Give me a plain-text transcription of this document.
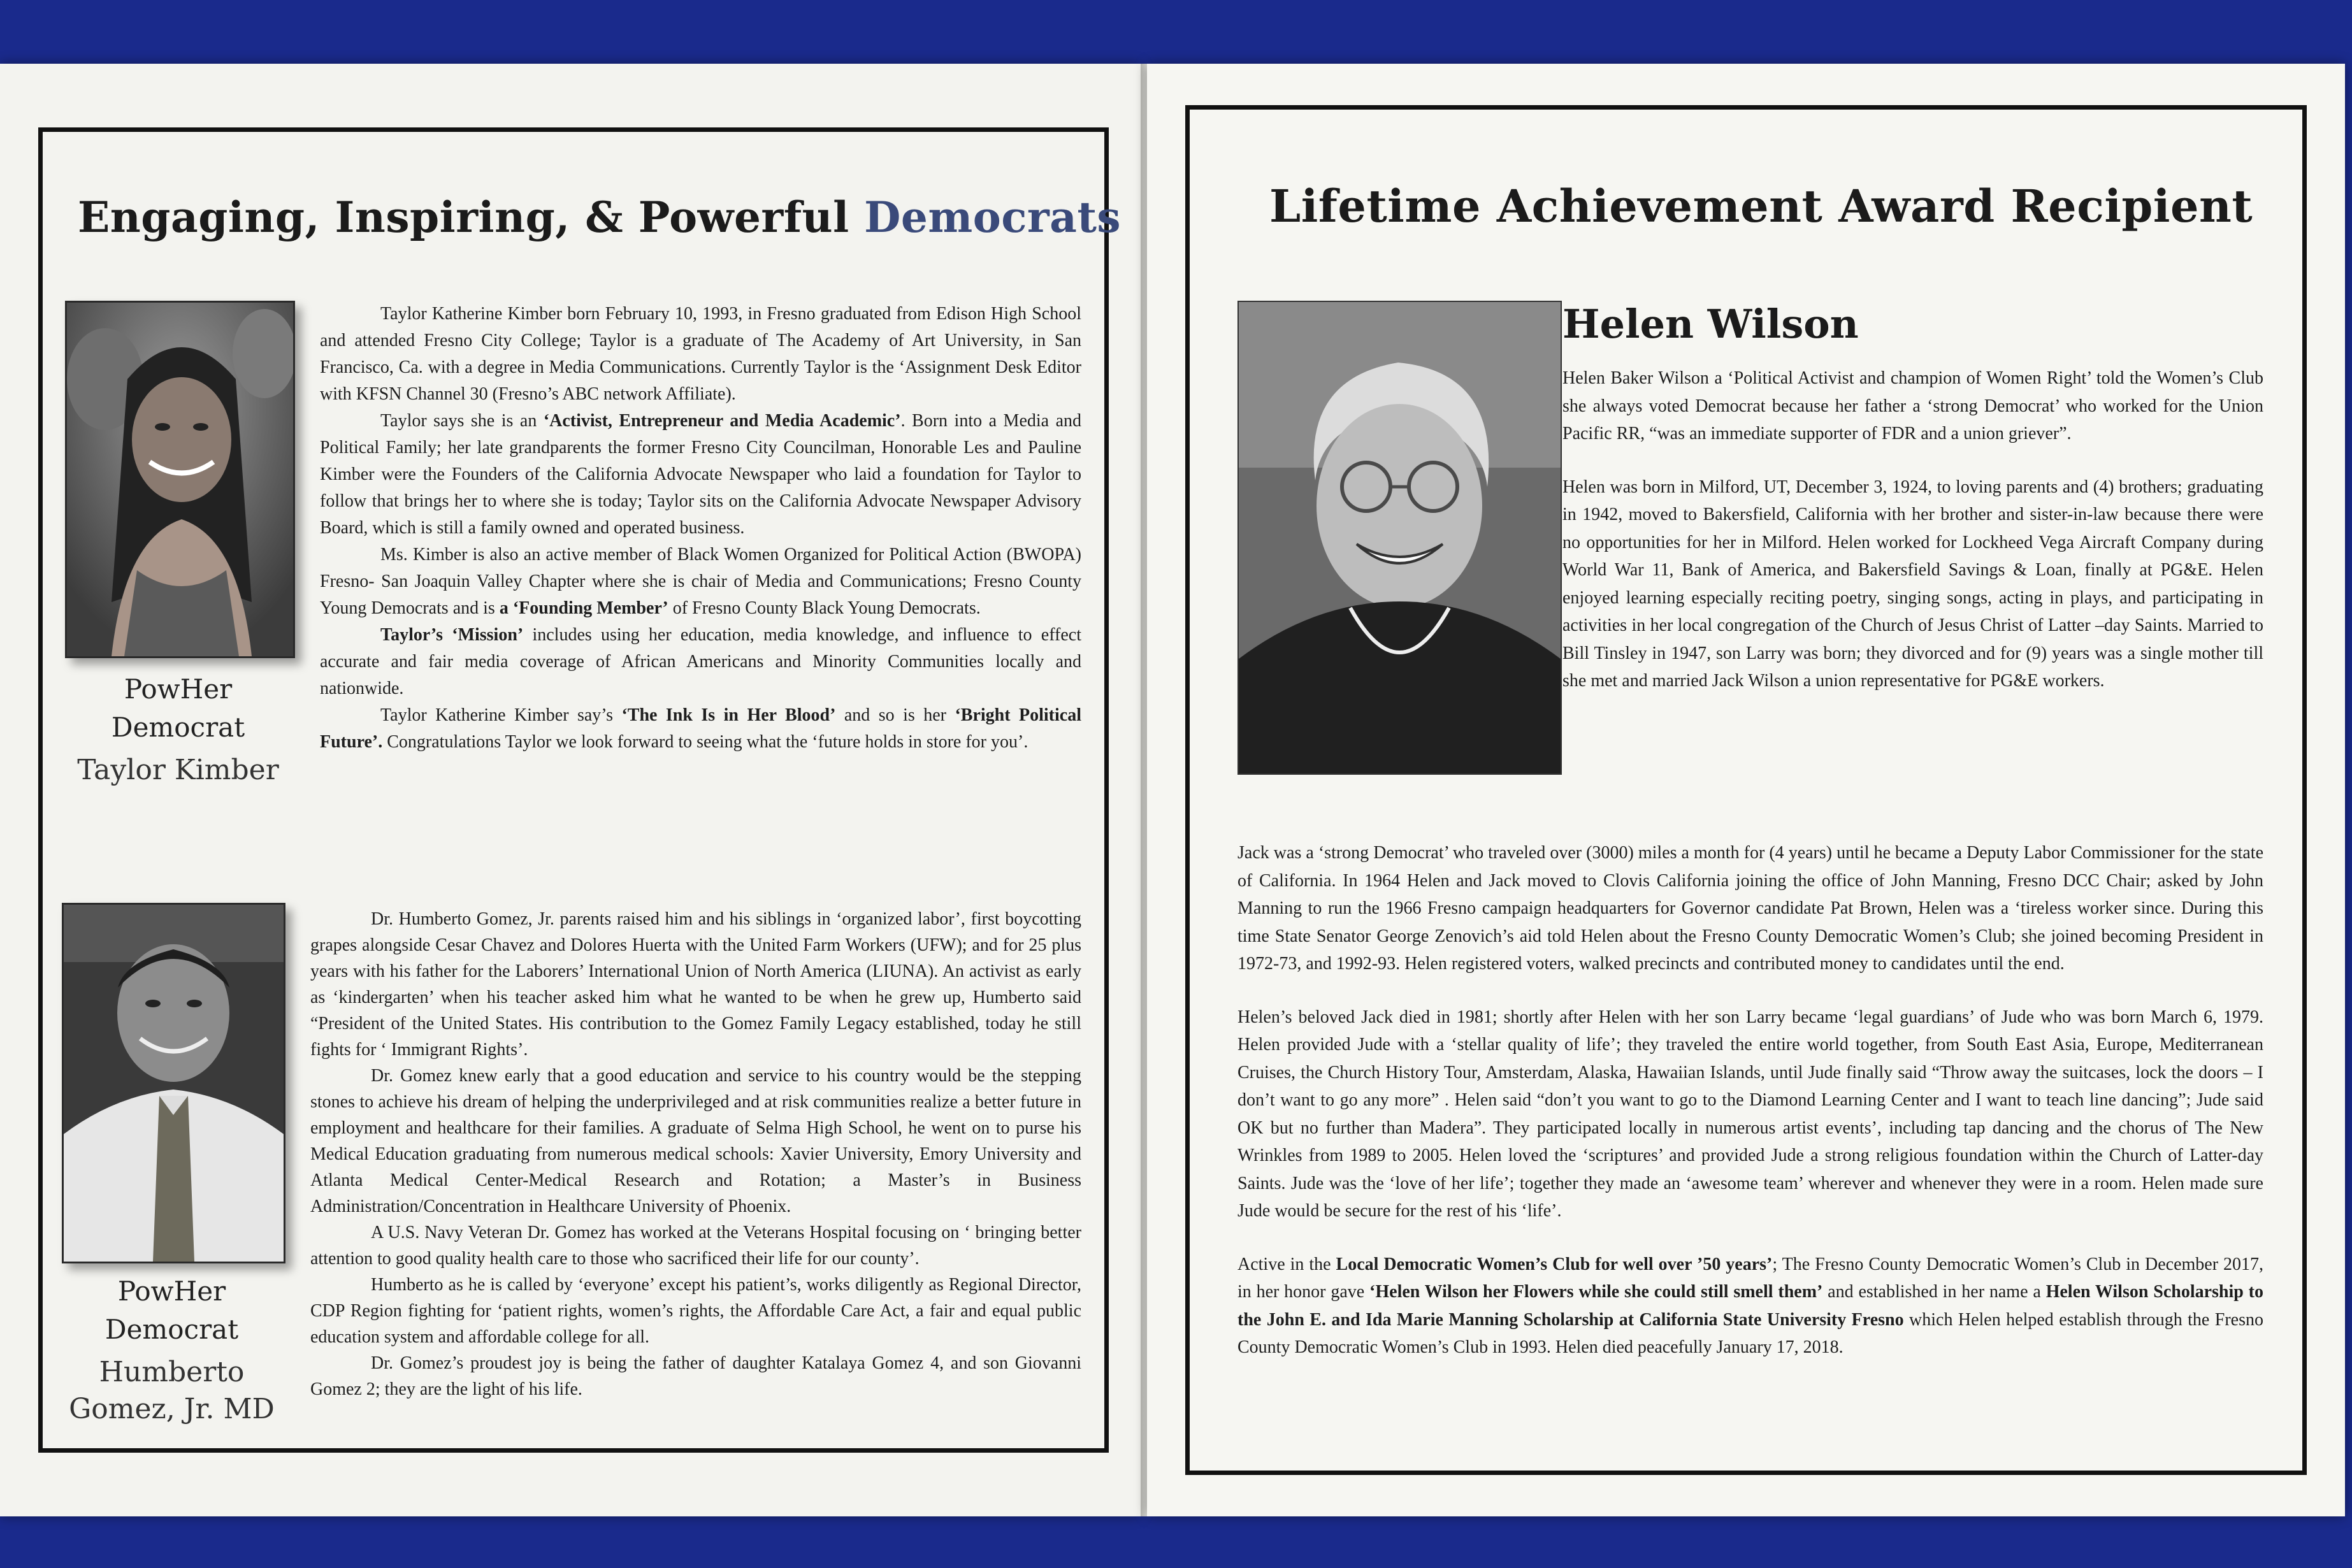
Engaging, Inspiring, & Powerful Democrats
PowHer
Democrat
Taylor Kimber

Taylor Katherine Kimber born February 10, 1993, in Fresno graduated from Edison High School and attended Fresno City College; Taylor is a graduate of The Academy of Art University, in San Francisco, Ca. with a degree in Media Communications. Currently Taylor is the ‘Assignment Desk Editor with KFSN Channel 30 (Fresno’s ABC network Affiliate).

Taylor says she is an ‘Activist, Entrepreneur and Media Academic’. Born into a Media and Political Family; her late grandparents the former Fresno City Councilman, Honorable Les and Pauline Kimber were the Founders of the California Advocate Newspaper who laid a foundation for Taylor to follow that brings her to where she is today; Taylor sits on the California Advocate Newspaper Advisory Board, which is still a family owned and operated business.

Ms. Kimber is also an active member of Black Women Organized for Political Action (BWOPA) Fresno- San Joaquin Valley Chapter where she is chair of Media and Communications; Fresno County Young Democrats and is a ‘Founding Member’ of Fresno County Black Young Democrats.

Taylor’s ‘Mission’ includes using her education, media knowledge, and influence to effect accurate and fair media coverage of African Americans and Minority Communities locally and nationwide.

Taylor Katherine Kimber say’s ‘The Ink Is in Her Blood’ and so is her ‘Bright Political Future’. Congratulations Taylor we look forward to seeing what the ‘future holds in store for you’.

PowHer
Democrat
Humberto
Gomez, Jr. MD

Dr. Humberto Gomez, Jr. parents raised him and his siblings in ‘organized labor’, first boycotting grapes alongside Cesar Chavez and Dolores Huerta with the United Farm Workers (UFW); and for 25 plus years with his father for the Laborers’ International Union of North America (LIUNA). An activist as early as ‘kindergarten’ when his teacher asked him what he wanted to be when he grew up, Humberto said “President of the United States. His contribution to the Gomez Family Legacy established, today he still fights for ‘ Immigrant Rights’.

Dr. Gomez knew early that a good education and service to his country would be the stepping stones to achieve his dream of helping the underprivileged and at risk communities realize a better future in employment and healthcare for their families. A graduate of Selma High School, he went on to purse his Medical Education graduating from numerous medical schools: Xavier University, Emory University and Atlanta Medical Center-Medical Research and Rotation; a Master’s in Business Administration/Concentration in Healthcare University of Phoenix.

A U.S. Navy Veteran Dr. Gomez has worked at the Veterans Hospital focusing on ‘ bringing better attention to good quality health care to those who sacrificed their life for our county’.

Humberto as he is called by ‘everyone’ except his patient’s, works diligently as Regional Director, CDP Region fighting for ‘patient rights, women’s rights, the Affordable Care Act, a fair and equal public education system and affordable college for all.

Dr. Gomez’s proudest joy is being the father of daughter Katalaya Gomez 4, and son Giovanni Gomez 2; they are the light of his life.

Lifetime Achievement Award Recipient
Helen Wilson

Helen Baker Wilson a ‘Political Activist and champion of Women Right’ told the Women’s Club she always voted Democrat because her father a ‘strong Democrat’ who worked for the Union Pacific RR, “was an immediate supporter of FDR and a union griever”.

Helen was born in Milford, UT, December 3, 1924, to loving parents and (4) brothers; graduating in 1942, moved to Bakersfield, California with her brother and sister-in-law because there were no opportunities for her in Milford. Helen worked for Lockheed Vega Aircraft Company during World War 11, Bank of America, and Bakersfield Savings & Loan, finally at PG&E. Helen enjoyed learning especially reciting poetry, singing songs, acting in plays, and participating in activities in her local congregation of the Church of Jesus Christ of Latter –day Saints. Married to Bill Tinsley in 1947, son Larry was born; they divorced and for (9) years was a single mother till she met and married Jack Wilson a union representative for PG&E workers.

Jack was a ‘strong Democrat’ who traveled over (3000) miles a month for (4 years) until he became a Deputy Labor Commissioner for the state of California. In 1964 Helen and Jack moved to Clovis California joining the office of John Manning, Fresno DCC Chair; asked by John Manning to run the 1966 Fresno campaign headquarters for Governor candidate Pat Brown, Helen was a ‘tireless worker since. During this time State Senator George Zenovich’s aid told Helen about the Fresno County Democratic Women’s Club; she joined becoming President in 1972-73, and 1992-93. Helen registered voters, walked precincts and contributed money to candidates until the end.

Helen’s beloved Jack died in 1981; shortly after Helen with her son Larry became ‘legal guardians’ of Jude who was born March 6, 1979. Helen provided Jude with a ‘stellar quality of life’; they traveled the entire world together, from South East Asia, Europe, Mediterranean Cruises, the Church History Tour, Amsterdam, Alaska, Hawaiian Islands, until Jude finally said “Throw away the suitcases, lock the doors – I don’t want to go any more” . Helen said “don’t you want to go to the Diamond Learning Center and I want to teach line dancing”; Jude said OK but no further than Madera”. They participated locally in numerous artist events’, including tap dancing and the chorus of The New Wrinkles from 1989 to 2005. Helen loved the ‘scriptures’ and provided Jude a strong religious foundation within the Church of Latter-day Saints. Jude was the ‘love of her life’; together they made an ‘awesome team’ wherever and whenever they were in a room. Helen made sure Jude would be secure for the rest of his ‘life’.

Active in the Local Democratic Women’s Club for well over ’50 years’; The Fresno County Democratic Women’s Club in December 2017, in her honor gave ‘Helen Wilson her Flowers while she could still smell them’ and established in her name a Helen Wilson Scholarship to the John E. and Ida Marie Manning Scholarship at California State University Fresno which Helen helped establish through the Fresno County Democratic Women’s Club in 1993. Helen died peacefully January 17, 2018.
